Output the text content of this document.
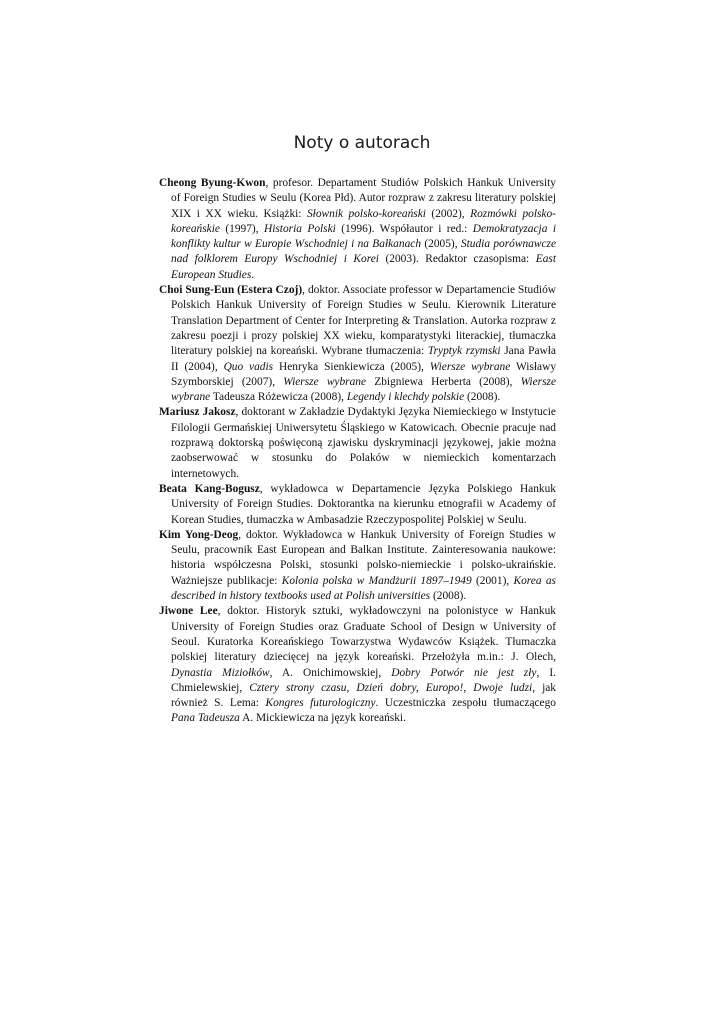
Noty o autorach

Cheong Byung-Kwon, profesor. Departament Studiów Polskich Hankuk University of Foreign Studies w Seulu (Korea Płd). Autor rozpraw z zakresu literatury polskiej XIX i XX wieku. Książki: Słownik polsko-koreański (2002), Rozmówki polsko-koreańskie (1997), Historia Polski (1996). Współautor i red.: Demokratyzacja i konflikty kultur w Europie Wschodniej i na Bałkanach (2005), Studia porównawcze nad folklorem Europy Wschodniej i Korei (2003). Redaktor czasopisma: East European Studies.

Choi Sung-Eun (Estera Czoj), doktor. Associate professor w Departamencie Studiów Polskich Hankuk University of Foreign Studies w Seulu. Kierownik Literature Translation Department of Center for Interpreting & Translation. Autorka rozpraw z zakresu poezji i prozy polskiej XX wieku, komparatystyki literackiej, tłumaczka literatury polskiej na koreański. Wybrane tłumaczenia: Tryptyk rzymski Jana Pawła II (2004), Quo vadis Henryka Sienkiewicza (2005), Wiersze wybrane Wisławy Szymborskiej (2007), Wiersze wybrane Zbigniewa Herberta (2008), Wiersze wybrane Tadeusza Różewicza (2008), Legendy i klechdy polskie (2008).

Mariusz Jakosz, doktorant w Zakładzie Dydaktyki Języka Niemieckiego w Instytucie Filologii Germańskiej Uniwersytetu Śląskiego w Katowicach. Obecnie pracuje nad rozprawą doktorską poświęconą zjawisku dyskryminacji językowej, jakie można zaobserwować w stosunku do Polaków w niemieckich komentarzach internetowych.

Beata Kang-Bogusz, wykładowca w Departamencie Języka Polskiego Hankuk University of Foreign Studies. Doktorantka na kierunku etnografii w Academy of Korean Studies, tłumaczka w Ambasadzie Rzeczypospolitej Polskiej w Seulu.

Kim Yong-Deog, doktor. Wykładowca w Hankuk University of Foreign Studies w Seulu, pracownik East European and Balkan Institute. Zainteresowania naukowe: historia współczesna Polski, stosunki polsko-niemieckie i polsko-ukraińskie. Ważniejsze publikacje: Kolonia polska w Mandżurii 1897–1949 (2001), Korea as described in history textbooks used at Polish universities (2008).

Jiwone Lee, doktor. Historyk sztuki, wykładowczyni na polonistyce w Hankuk University of Foreign Studies oraz Graduate School of Design w University of Seoul. Kuratorka Koreańskiego Towarzystwa Wydawców Książek. Tłumaczka polskiej literatury dziecięcej na język koreański. Przełożyła m.in.: J. Olech, Dynastia Miziołków, A. Onichimowskiej, Dobry Potwór nie jest zły, I. Chmielewskiej, Cztery strony czasu, Dzień dobry, Europo!, Dwoje ludzi, jak również S. Lema: Kongres futurologiczny. Uczestniczka zespołu tłumaczącego Pana Tadeusza A. Mickiewicza na język koreański.
